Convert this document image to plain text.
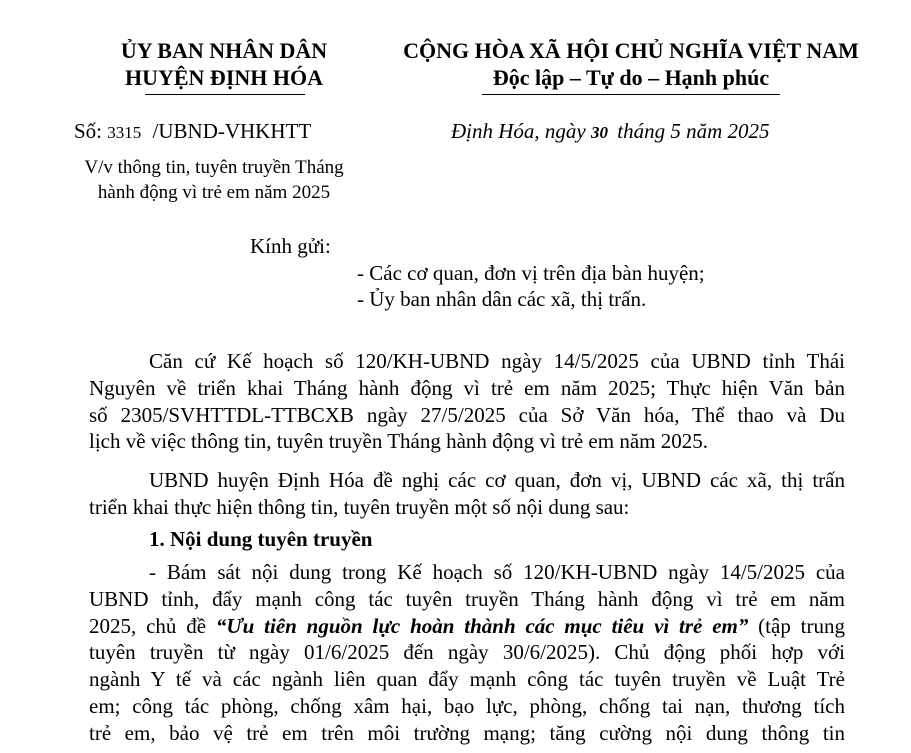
ỦY BAN NHÂN DÂN
HUYỆN ĐỊNH HÓA
CỘNG HÒA XÃ HỘI CHỦ NGHĨA VIỆT NAM
Độc lập – Tự do – Hạnh phúc
Số: 3315 /UBND-VHKHTT	Định Hóa, ngày 30 tháng 5 năm 2025
V/v thông tin, tuyên truyền Tháng
hành động vì trẻ em năm 2025
Kính gửi:
- Các cơ quan, đơn vị trên địa bàn huyện;
- Ủy ban nhân dân các xã, thị trấn.
Căn cứ Kế hoạch số 120/KH-UBND ngày 14/5/2025 của UBND tỉnh Thái
Nguyên về triển khai Tháng hành động vì trẻ em năm 2025; Thực hiện Văn bản
số 2305/SVHTTDL-TTBCXB ngày 27/5/2025 của Sở Văn hóa, Thể thao và Du
lịch về việc thông tin, tuyên truyền Tháng hành động vì trẻ em năm 2025.
UBND huyện Định Hóa đề nghị các cơ quan, đơn vị, UBND các xã, thị trấn
triển khai thực hiện thông tin, tuyên truyền một số nội dung sau:
1. Nội dung tuyên truyền
- Bám sát nội dung trong Kế hoạch số 120/KH-UBND ngày 14/5/2025 của
UBND tỉnh, đẩy mạnh công tác tuyên truyền Tháng hành động vì trẻ em năm
2025, chủ đề “Ưu tiên nguồn lực hoàn thành các mục tiêu vì trẻ em” (tập trung
tuyên truyền từ ngày 01/6/2025 đến ngày 30/6/2025). Chủ động phối hợp với
ngành Y tế và các ngành liên quan đẩy mạnh công tác tuyên truyền về Luật Trẻ
em; công tác phòng, chống xâm hại, bạo lực, phòng, chống tai nạn, thương tích
trẻ em, bảo vệ trẻ em trên môi trường mạng; tăng cường nội dung thông tin
